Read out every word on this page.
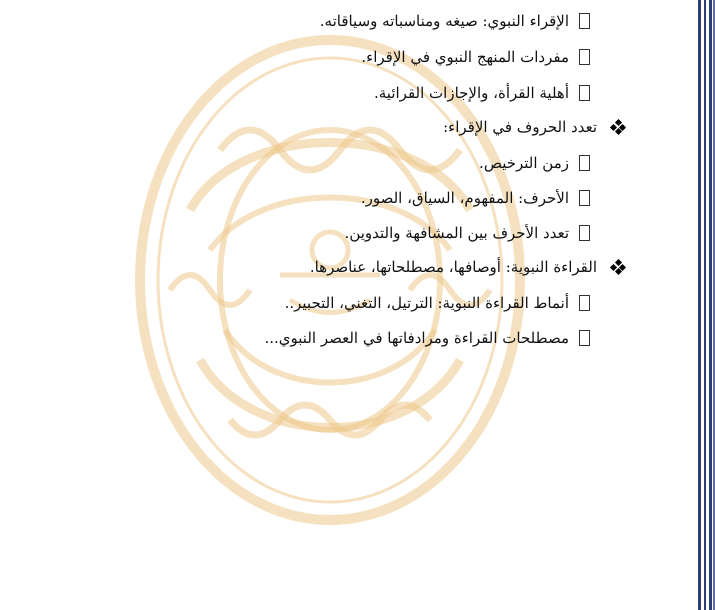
الإقراء النبوي: صيغه ومناسباته وسياقاته.
مفردات المنهج النبوي في الإقراء.
أهلية القرأة، والإجازات القرائية.
تعدد الحروف في الإقراء:
زمن الترخيص.
الأحرف: المفهوم، السياق، الصور.
تعدد الأحرف بين المشافهة والتدوين.
القراءة النبوية: أوصافها، مصطلحاتها، عناصرها.
أنماط القراءة النبوية: الترتيل، التغني، التحبير..
مصطلحات القراءة ومرادفاتها في العصر النبوي...
